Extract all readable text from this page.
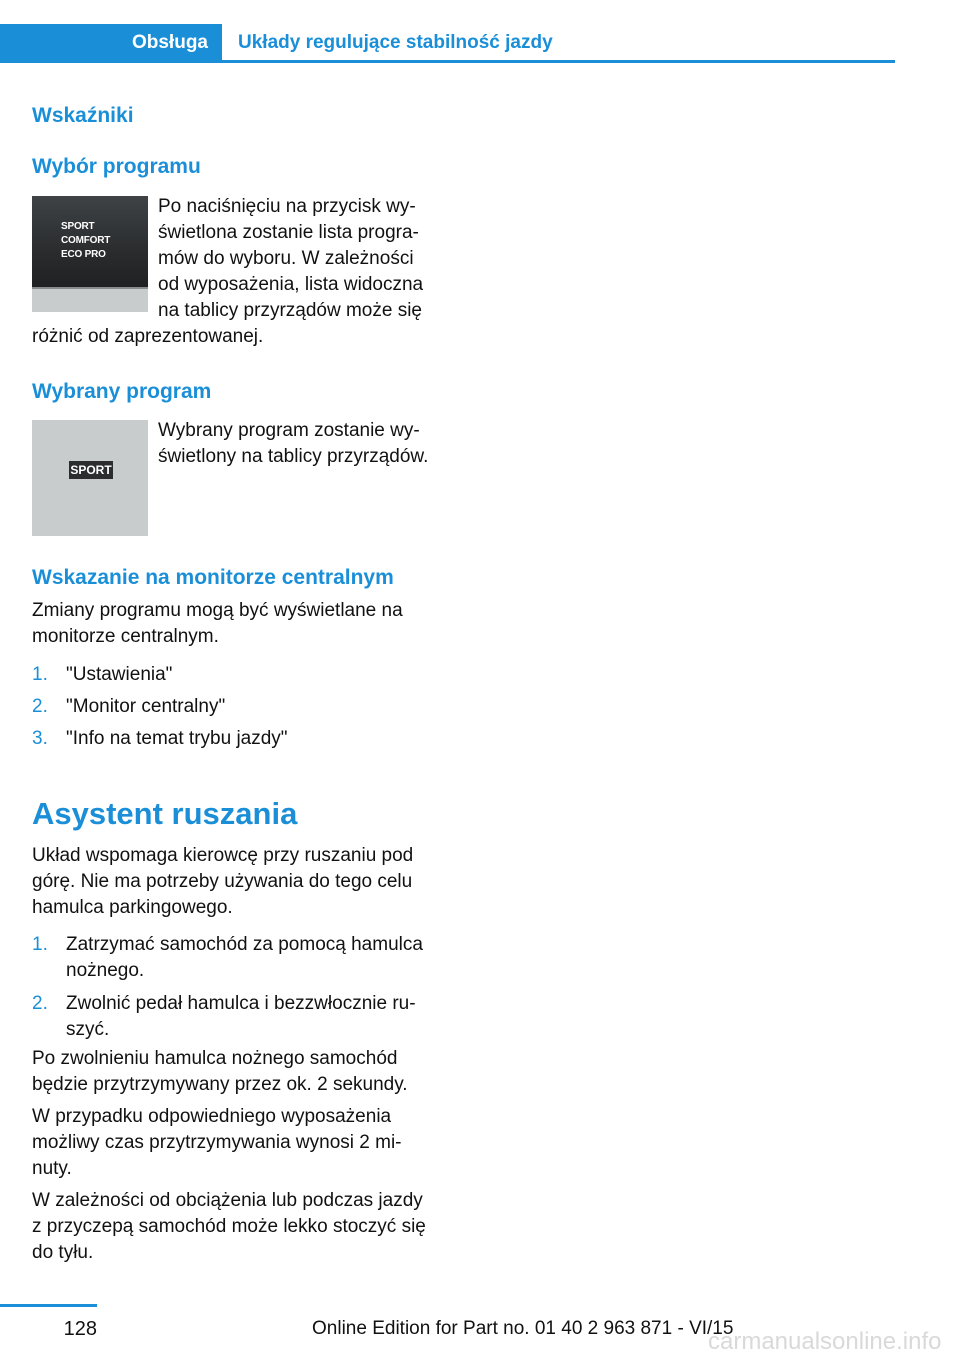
Obsługa	Układy regulujące stabilność jazdy
Wskaźniki
Wybór programu
SPORT
COMFORT
ECO PRO
Po naciśnięciu na przycisk wy-
świetlona zostanie lista progra-
mów do wyboru. W zależności
od wyposażenia, lista widoczna
na tablicy przyrządów może się
różnić od zaprezentowanej.
Wybrany program
SPORT
Wybrany program zostanie wy-
świetlony na tablicy przyrządów.
Wskazanie na monitorze centralnym
Zmiany programu mogą być wyświetlane na
monitorze centralnym.
1. "Ustawienia"
2. "Monitor centralny"
3. "Info na temat trybu jazdy"
Asystent ruszania
Układ wspomaga kierowcę przy ruszaniu pod
górę. Nie ma potrzeby używania do tego celu
hamulca parkingowego.
1. Zatrzymać samochód za pomocą hamulca
nożnego.
2. Zwolnić pedał hamulca i bezzwłocznie ru-
szyć.
Po zwolnieniu hamulca nożnego samochód
będzie przytrzymywany przez ok. 2 sekundy.
W przypadku odpowiedniego wyposażenia
możliwy czas przytrzymywania wynosi 2 mi-
nuty.
W zależności od obciążenia lub podczas jazdy
z przyczepą samochód może lekko stoczyć się
do tyłu.
128	Online Edition for Part no. 01 40 2 963 871 - VI/15
carmanualsonline.info
